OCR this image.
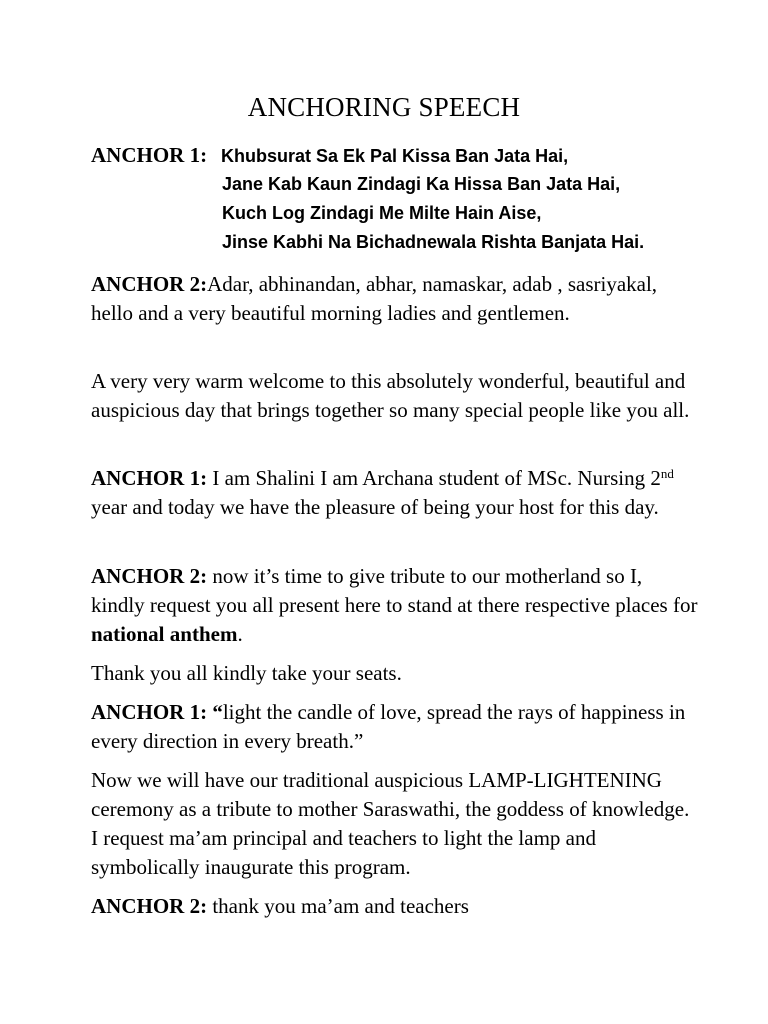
ANCHORING SPEECH
ANCHOR 1: Khubsurat Sa Ek Pal Kissa Ban Jata Hai,
Jane Kab Kaun Zindagi Ka Hissa Ban Jata Hai,
Kuch Log Zindagi Me Milte Hain Aise,
Jinse Kabhi Na Bichadnewala Rishta Banjata Hai.

ANCHOR 2:Adar, abhinandan, abhar, namaskar, adab , sasriyakal, hello and a very beautiful morning ladies and gentlemen.

A very very warm welcome to this absolutely wonderful, beautiful and auspicious day that brings together so many special people like you all.

ANCHOR 1: I am Shalini I am Archana student of MSc. Nursing 2nd year and today we have the pleasure of being your host for this day.

ANCHOR 2: now it’s time to give tribute to our motherland so I, kindly request you all present here to stand at there respective places for national anthem.

Thank you all kindly take your seats.

ANCHOR 1: “light the candle of love, spread the rays of happiness in every direction in every breath.”

Now we will have our traditional auspicious LAMP-LIGHTENING ceremony as a tribute to mother Saraswathi, the goddess of knowledge. I request ma’am principal and teachers to light the lamp and symbolically inaugurate this program.

ANCHOR 2: thank you ma’am and teachers
